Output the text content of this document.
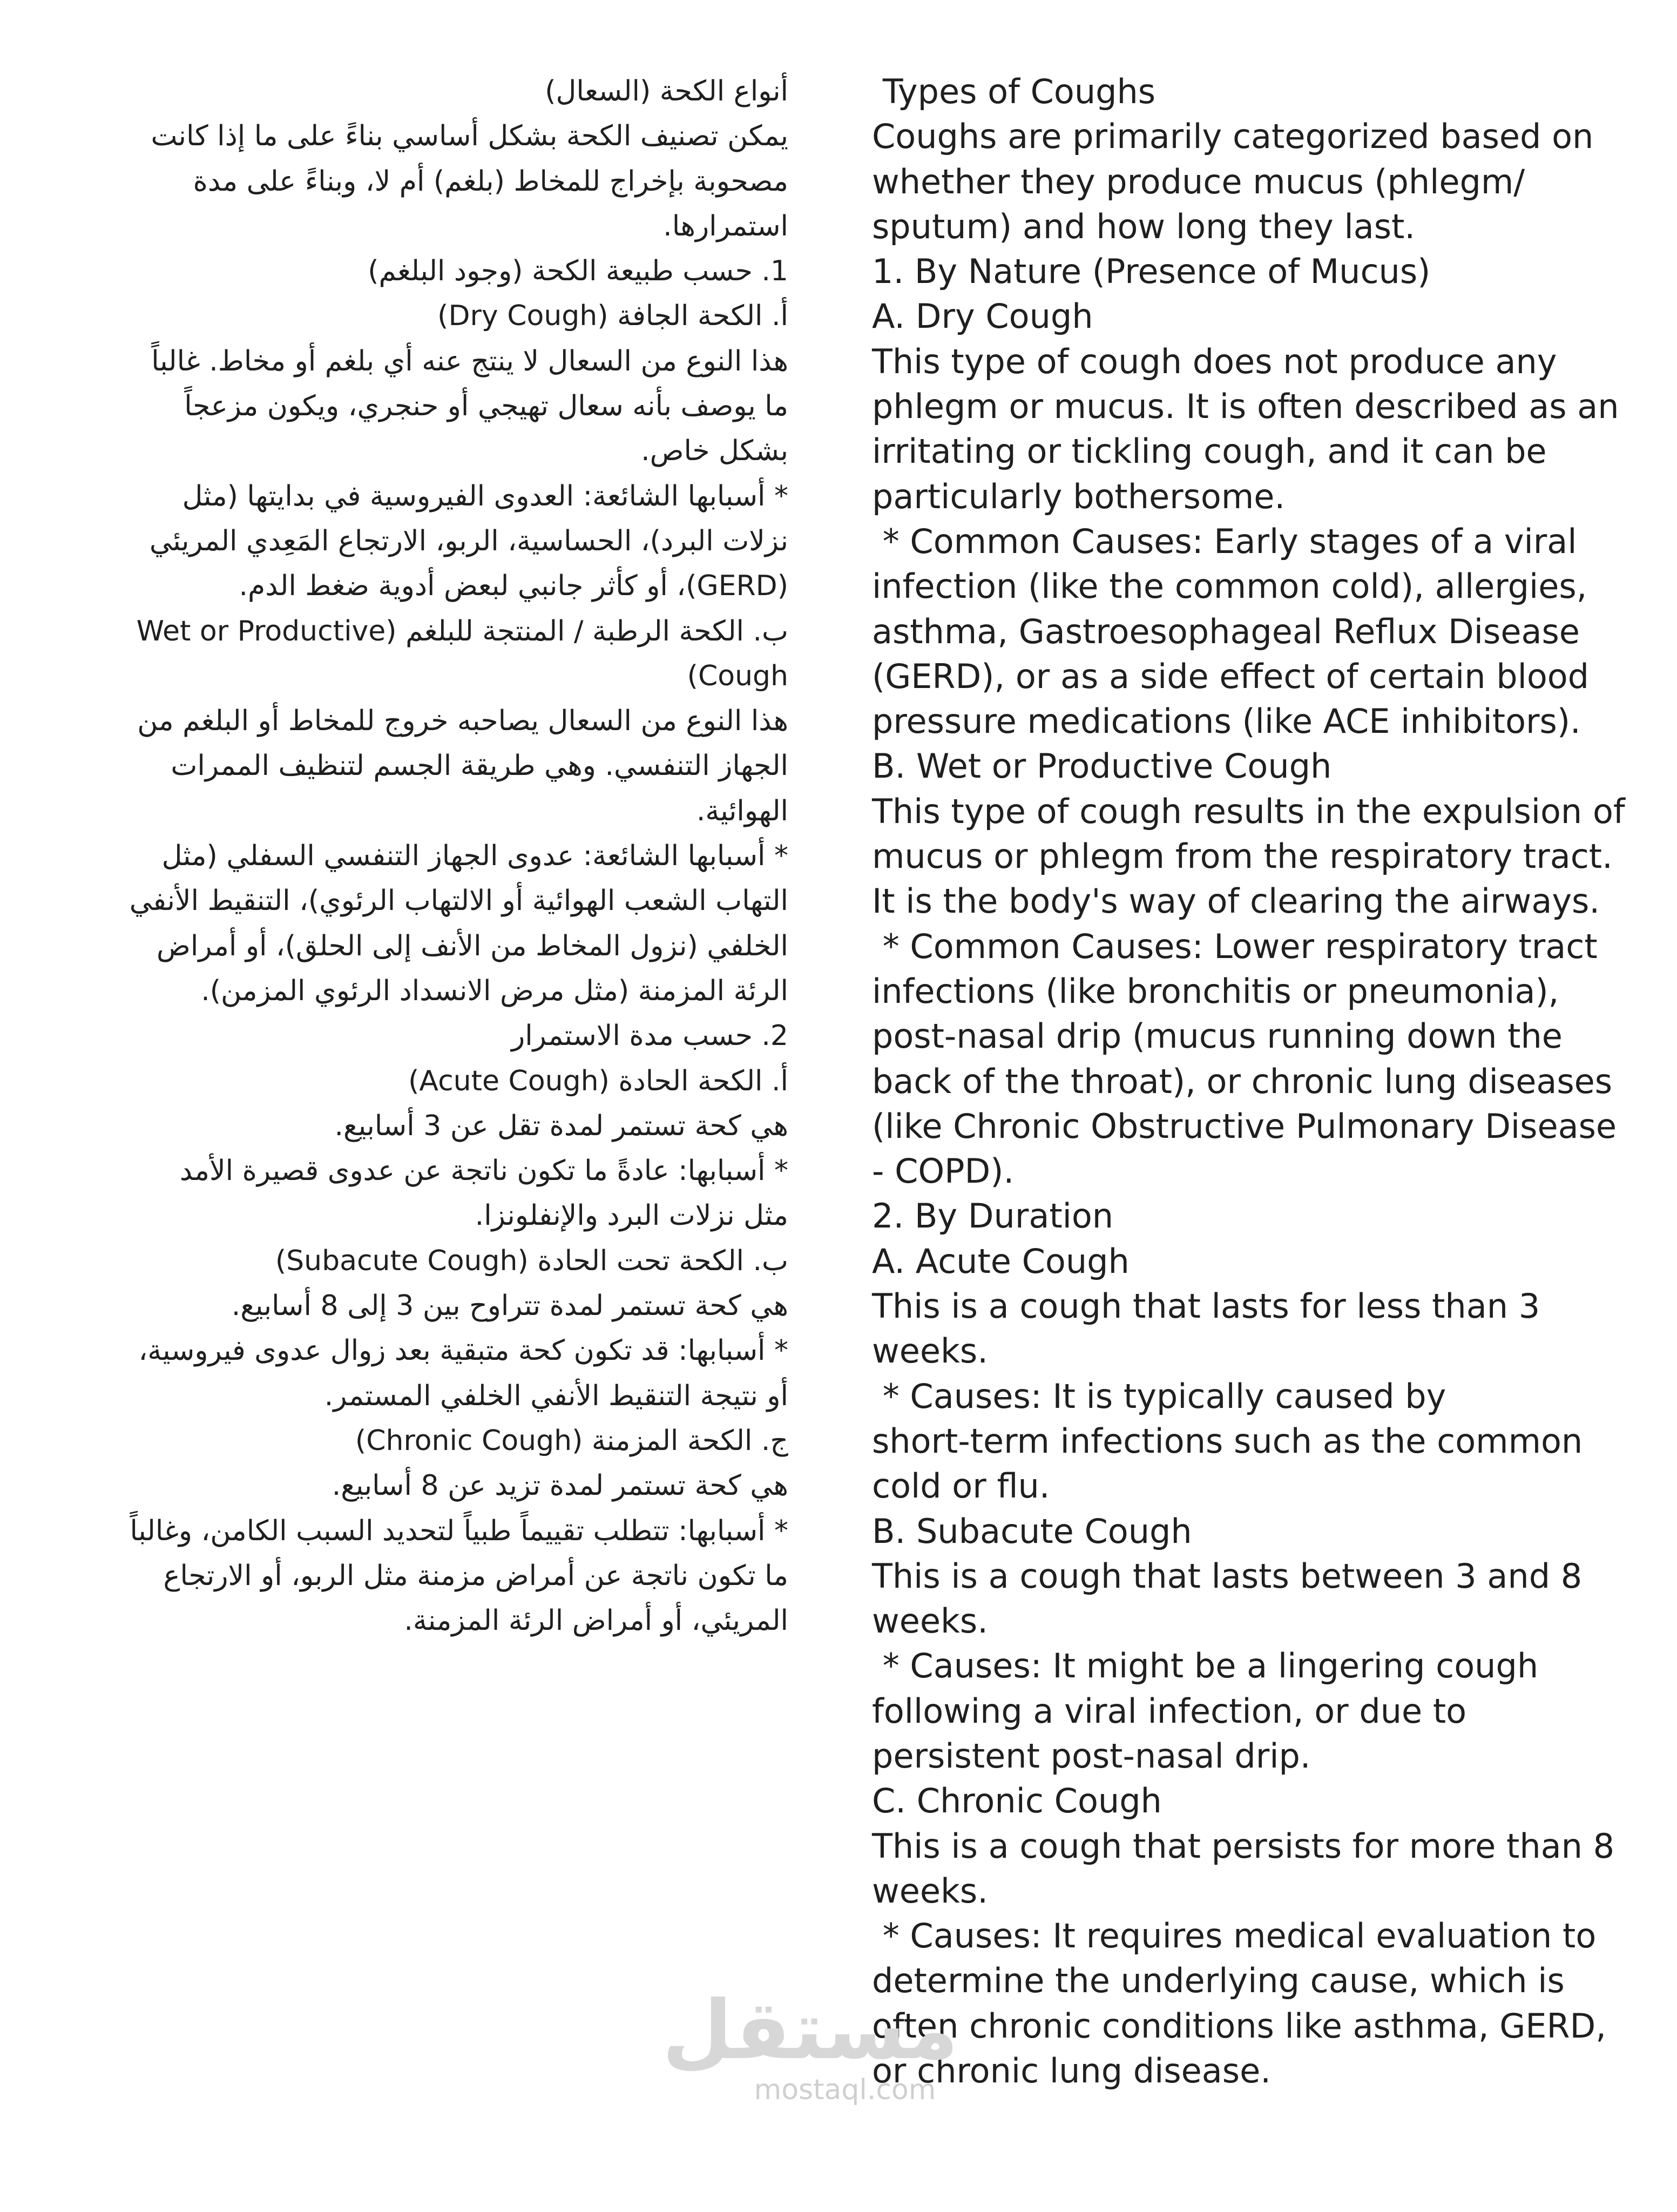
أنواع الكحة (السعال)
يمكن تصنيف الكحة بشكل أساسي بناءً على ما إذا كانت
مصحوبة بإخراج للمخاط (بلغم) أم لا، وبناءً على مدة
استمرارها.
1. حسب طبيعة الكحة (وجود البلغم)
أ. الكحة الجافة (Dry Cough)
هذا النوع من السعال لا ينتج عنه أي بلغم أو مخاط. غالباً
ما يوصف بأنه سعال تهيجي أو حنجري، ويكون مزعجاً
بشكل خاص.
* أسبابها الشائعة: العدوى الفيروسية في بدايتها (مثل
نزلات البرد)، الحساسية، الربو، الارتجاع المَعِدي المريئي
(GERD)، أو كأثر جانبي لبعض أدوية ضغط الدم.
ب. الكحة الرطبة / المنتجة للبلغم (Wet or Productive
Cough)
هذا النوع من السعال يصاحبه خروج للمخاط أو البلغم من
الجهاز التنفسي. وهي طريقة الجسم لتنظيف الممرات
الهوائية.
* أسبابها الشائعة: عدوى الجهاز التنفسي السفلي (مثل
التهاب الشعب الهوائية أو الالتهاب الرئوي)، التنقيط الأنفي
الخلفي (نزول المخاط من الأنف إلى الحلق)، أو أمراض
الرئة المزمنة (مثل مرض الانسداد الرئوي المزمن).
2. حسب مدة الاستمرار
أ. الكحة الحادة (Acute Cough)
هي كحة تستمر لمدة تقل عن 3 أسابيع.
* أسبابها: عادةً ما تكون ناتجة عن عدوى قصيرة الأمد
مثل نزلات البرد والإنفلونزا.
ب. الكحة تحت الحادة (Subacute Cough)
هي كحة تستمر لمدة تتراوح بين 3 إلى 8 أسابيع.
* أسبابها: قد تكون كحة متبقية بعد زوال عدوى فيروسية،
أو نتيجة التنقيط الأنفي الخلفي المستمر.
ج. الكحة المزمنة (Chronic Cough)
هي كحة تستمر لمدة تزيد عن 8 أسابيع.
* أسبابها: تتطلب تقييماً طبياً لتحديد السبب الكامن، وغالباً
ما تكون ناتجة عن أمراض مزمنة مثل الربو، أو الارتجاع
المريئي، أو أمراض الرئة المزمنة.
Types of Coughs
Coughs are primarily categorized based on
whether they produce mucus (phlegm/
sputum) and how long they last.
1. By Nature (Presence of Mucus)
A. Dry Cough
This type of cough does not produce any
phlegm or mucus. It is often described as an
irritating or tickling cough, and it can be
particularly bothersome.
* Common Causes: Early stages of a viral
infection (like the common cold), allergies,
asthma, Gastroesophageal Reflux Disease
(GERD), or as a side effect of certain blood
pressure medications (like ACE inhibitors).
B. Wet or Productive Cough
This type of cough results in the expulsion of
mucus or phlegm from the respiratory tract.
It is the body's way of clearing the airways.
* Common Causes: Lower respiratory tract
infections (like bronchitis or pneumonia),
post-nasal drip (mucus running down the
back of the throat), or chronic lung diseases
(like Chronic Obstructive Pulmonary Disease
- COPD).
2. By Duration
A. Acute Cough
This is a cough that lasts for less than 3
weeks.
* Causes: It is typically caused by
short-term infections such as the common
cold or flu.
B. Subacute Cough
This is a cough that lasts between 3 and 8
weeks.
* Causes: It might be a lingering cough
following a viral infection, or due to
persistent post-nasal drip.
C. Chronic Cough
This is a cough that persists for more than 8
weeks.
* Causes: It requires medical evaluation to
determine the underlying cause, which is
often chronic conditions like asthma, GERD,
or chronic lung disease.
مستقل
mostaql.com
